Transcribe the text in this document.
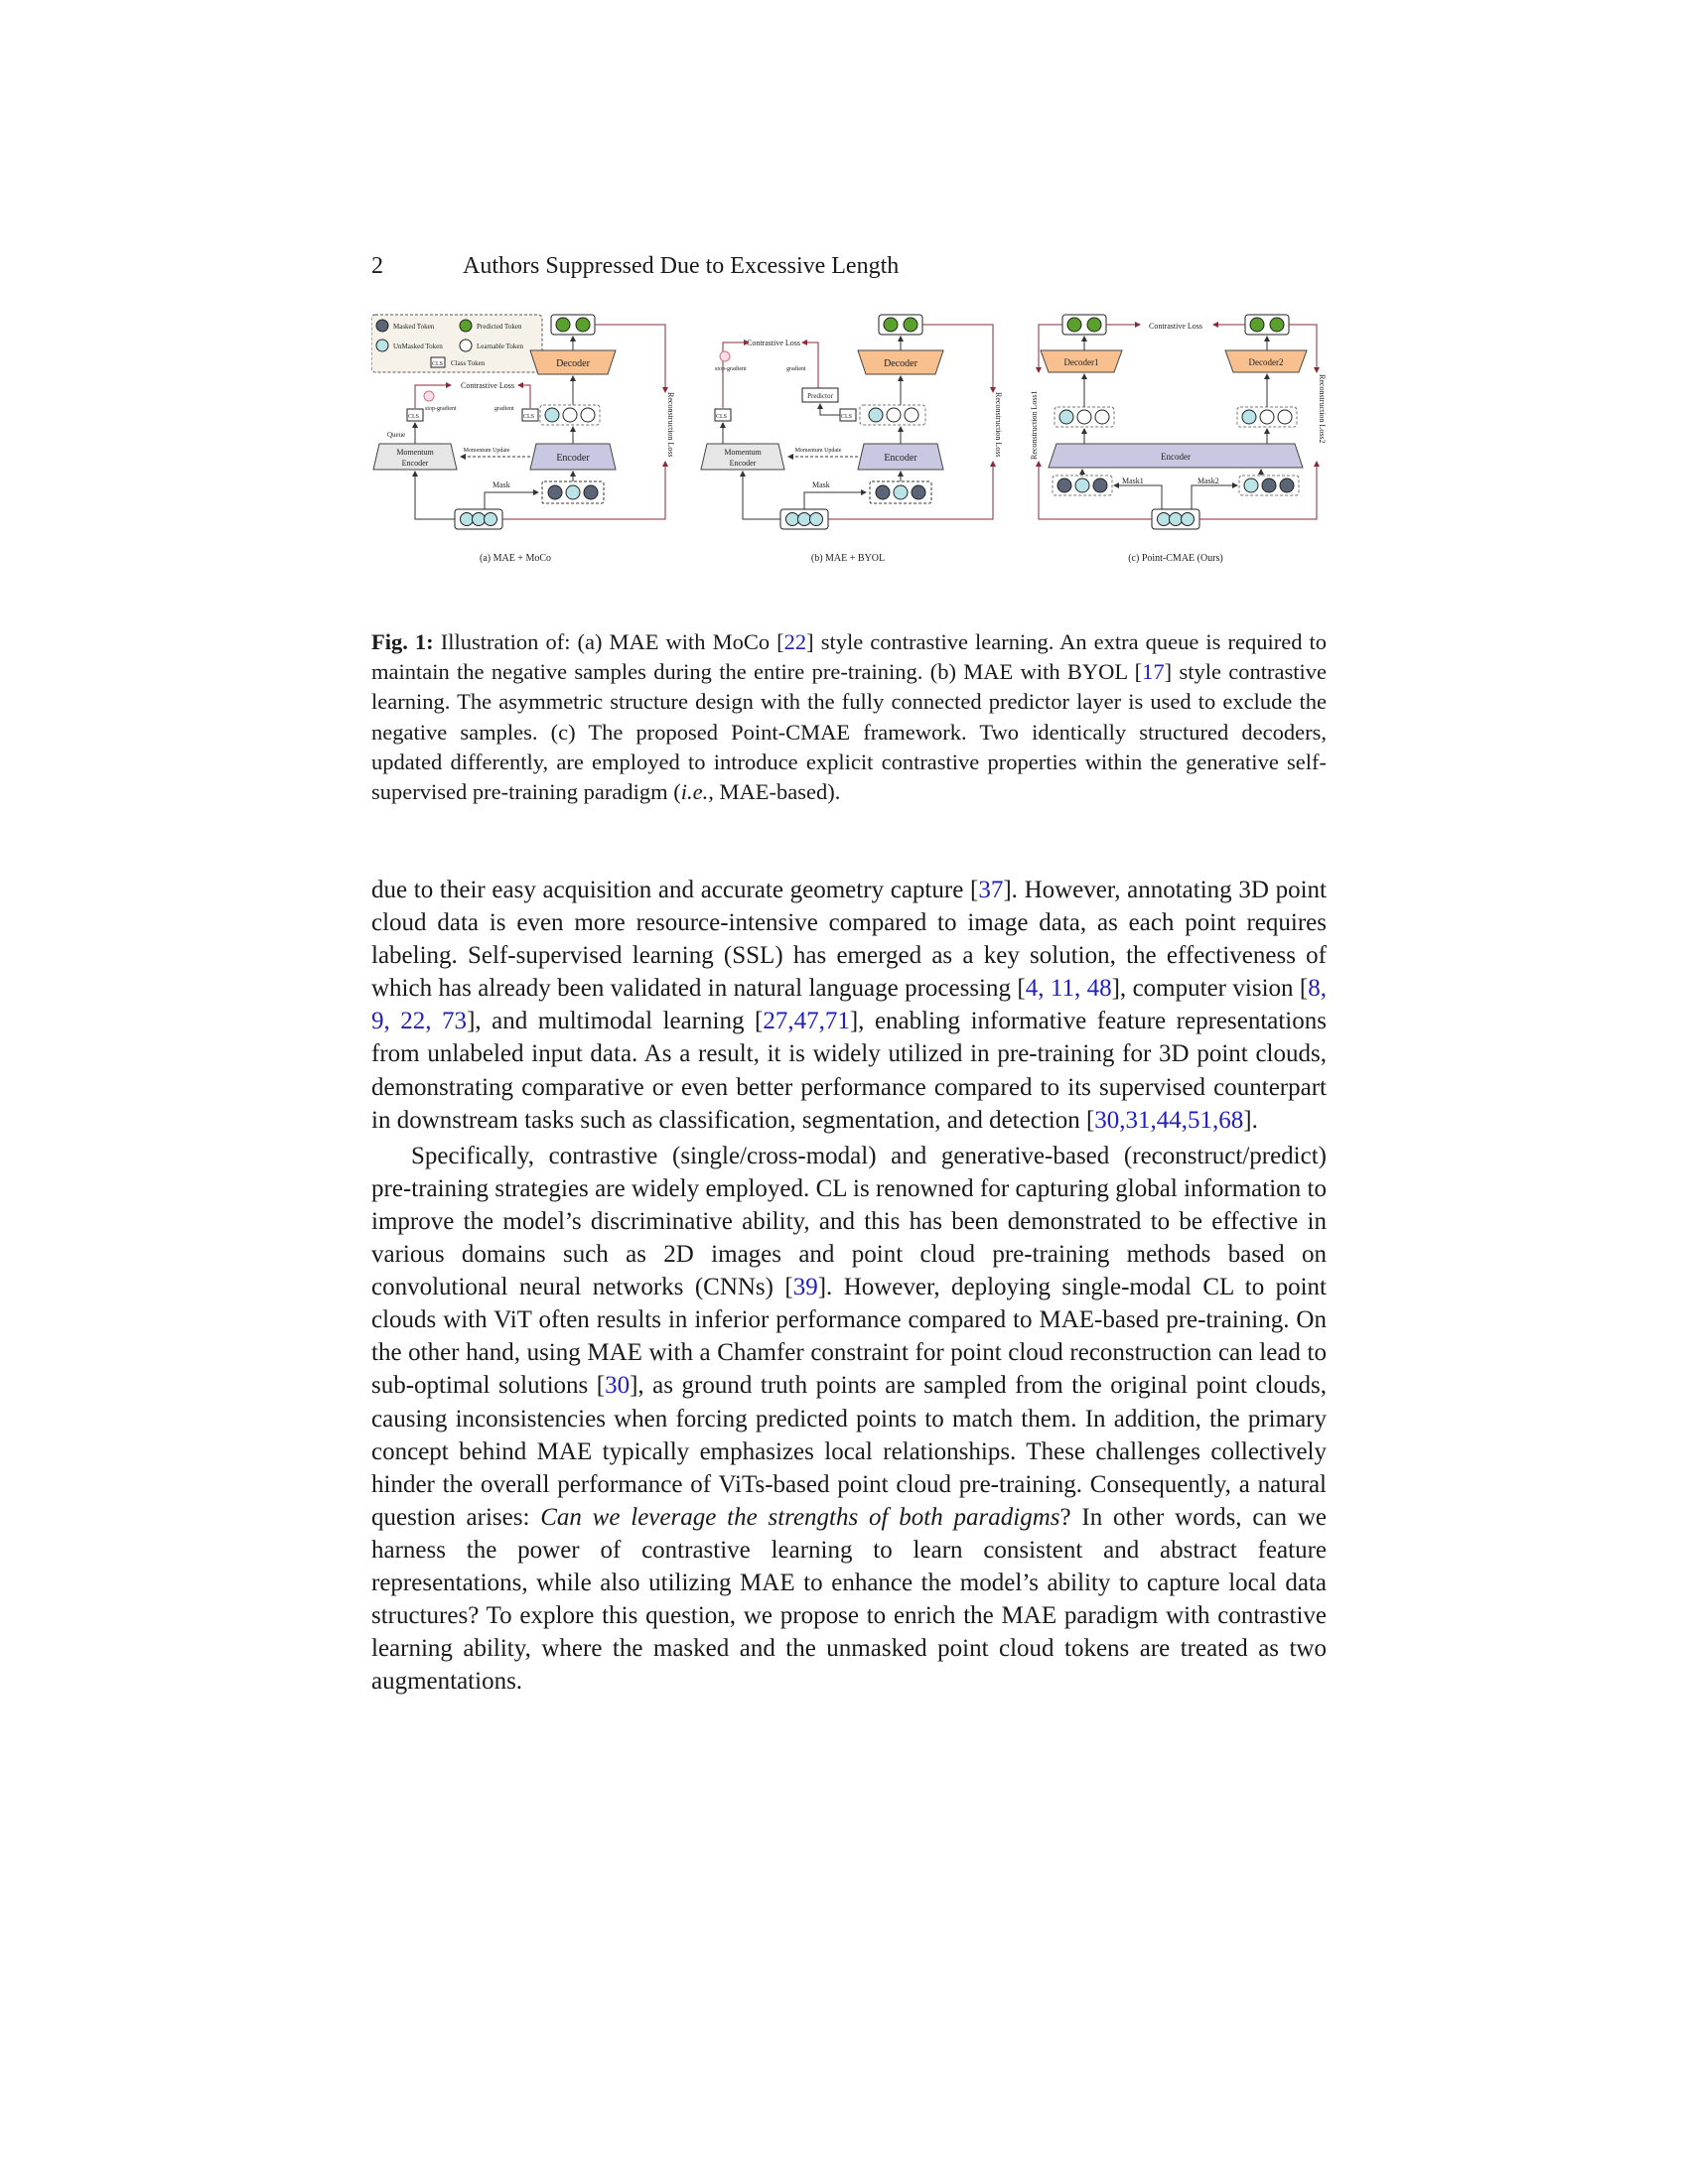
2	Authors Suppressed Due to Excessive Length
Masked Token	Predicted Token
UnMasked Token	Learnable Token
CLS Class Token	Decoder
Contrastive Loss
stop-gradient	gradient
CLS	CLS
Queue
Momentum
Encoder
Momentum Update
Encoder
Mask
Reconstruction Loss
(a) MAE + MoCo
Decoder
Contrastive Loss
stop-gradient	gradient
Predictor
CLS	CLS
Momentum
Encoder
Momentum Update
Encoder
Mask
Reconstruction Loss
(b) MAE + BYOL
Contrastive Loss
Decoder1	Decoder2
Encoder
Mask1	Mask2
Reconstruction Loss1	Reconstruction Loss2
(c) Point-CMAE (Ours)
Fig. 1: Illustration of: (a) MAE with MoCo [22] style contrastive learning. An extra queue is required to maintain the negative samples during the entire pre-training. (b) MAE with BYOL [17] style contrastive learning. The asymmetric structure design with the fully connected predictor layer is used to exclude the negative samples. (c) The proposed Point-CMAE framework. Two identically structured decoders, updated differently, are employed to introduce explicit contrastive properties within the generative self-supervised pre-training paradigm (i.e., MAE-based).

due to their easy acquisition and accurate geometry capture [37]. However, annotating 3D point cloud data is even more resource-intensive compared to image data, as each point requires labeling. Self-supervised learning (SSL) has emerged as a key solution, the effectiveness of which has already been validated in natural language processing [4, 11, 48], computer vision [8, 9, 22, 73], and multimodal learning [27,47,71], enabling informative feature representations from unlabeled input data. As a result, it is widely utilized in pre-training for 3D point clouds, demonstrating comparative or even better performance compared to its supervised counterpart in downstream tasks such as classification, segmentation, and detection [30,31,44,51,68].

Specifically, contrastive (single/cross-modal) and generative-based (reconstruct/predict) pre-training strategies are widely employed. CL is renowned for capturing global information to improve the model’s discriminative ability, and this has been demonstrated to be effective in various domains such as 2D images and point cloud pre-training methods based on convolutional neural networks (CNNs) [39]. However, deploying single-modal CL to point clouds with ViT often results in inferior performance compared to MAE-based pre-training. On the other hand, using MAE with a Chamfer constraint for point cloud reconstruction can lead to sub-optimal solutions [30], as ground truth points are sampled from the original point clouds, causing inconsistencies when forcing predicted points to match them. In addition, the primary concept behind MAE typically emphasizes local relationships. These challenges collectively hinder the overall performance of ViTs-based point cloud pre-training. Consequently, a natural question arises: Can we leverage the strengths of both paradigms? In other words, can we harness the power of contrastive learning to learn consistent and abstract feature representations, while also utilizing MAE to enhance the model’s ability to capture local data structures? To explore this question, we propose to enrich the MAE paradigm with contrastive learning ability, where the masked and the unmasked point cloud tokens are treated as two augmentations.
